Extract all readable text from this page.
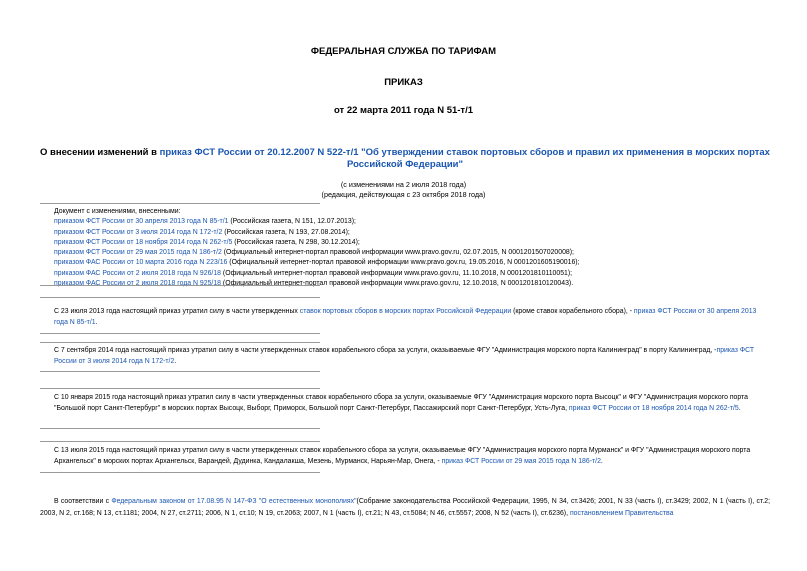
ФЕДЕРАЛЬНАЯ СЛУЖБА ПО ТАРИФАМ
ПРИКАЗ
от 22 марта 2011 года N 51-т/1
О внесении изменений в приказ ФСТ России от 20.12.2007 N 522-т/1 "Об утверждении ставок портовых сборов и правил их применения в морских портах Российской Федерации"
(с изменениями на 2 июля 2018 года)
(редакция, действующая с 23 октября 2018 года)
Документ с изменениями, внесенными:
приказом ФСТ России от 30 апреля 2013 года N 85-т/1 (Российская газета, N 151, 12.07.2013);
приказом ФСТ России от 3 июля 2014 года N 172-т/2 (Российская газета, N 193, 27.08.2014);
приказом ФСТ России от 18 ноября 2014 года N 262-т/5 (Российская газета, N 298, 30.12.2014);
приказом ФСТ России от 29 мая 2015 года N 186-т/2 (Официальный интернет-портал правовой информации www.pravo.gov.ru, 02.07.2015, N 0001201507020008);
приказом ФАС России от 10 марта 2016 года N 223/16 (Официальный интернет-портал правовой информации www.pravo.gov.ru, 19.05.2016, N 0001201605190016);
приказом ФАС России от 2 июля 2018 года N 926/18 (Официальный интернет-портал правовой информации www.pravo.gov.ru, 11.10.2018, N 0001201810110051);
приказом ФАС России от 2 июля 2018 года N 925/18 (Официальный интернет-портал правовой информации www.pravo.gov.ru, 12.10.2018, N 0001201810120043).
С 23 июля 2013 года настоящий приказ утратил силу в части утвержденных ставок портовых сборов в морских портах Российской Федерации (кроме ставок корабельного сбора), - приказ ФСТ России от 30 апреля 2013 года N 85-т/1.
С 7 сентября 2014 года настоящий приказ утратил силу в части утвержденных ставок корабельного сбора за услуги, оказываемые ФГУ "Администрация морского порта Калининград" в порту Калининград, -приказ ФСТ России от 3 июля 2014 года N 172-т/2.
С 10 января 2015 года настоящий приказ утратил силу в части утвержденных ставок корабельного сбора за услуги, оказываемые ФГУ "Администрация морского порта Высоцк" и ФГУ "Администрация морского порта "Большой порт Санкт-Петербург" в морских портах Высоцк, Выборг, Приморск, Большой порт Санкт-Петербург, Пассажирский порт Санкт-Петербург, Усть-Луга, приказ ФСТ России от 18 ноября 2014 года N 262-т/5.
С 13 июля 2015 года настоящий приказ утратил силу в части утвержденных ставок корабельного сбора за услуги, оказываемые ФГУ "Администрация морского порта Мурманск" и ФГУ "Администрация морского порта Архангельск" в морских портах Архангельск, Варандей, Дудинка, Кандалакша, Мезень, Мурманск, Нарьян-Мар, Онега, - приказ ФСТ России от 29 мая 2015 года N 186-т/2.
В соответствии с Федеральным законом от 17.08.95 N 147-ФЗ "О естественных монополиях"(Собрание законодательства Российской Федерации, 1995, N 34, ст.3426; 2001, N 33 (часть I), ст.3429; 2002, N 1 (часть I), ст.2; 2003, N 2, ст.168; N 13, ст.1181; 2004, N 27, ст.2711; 2006, N 1, ст.10; N 19, ст.2063; 2007, N 1 (часть I), ст.21; N 43, ст.5084; N 46, ст.5557; 2008, N 52 (часть I), ст.6236), постановлением Правительства
